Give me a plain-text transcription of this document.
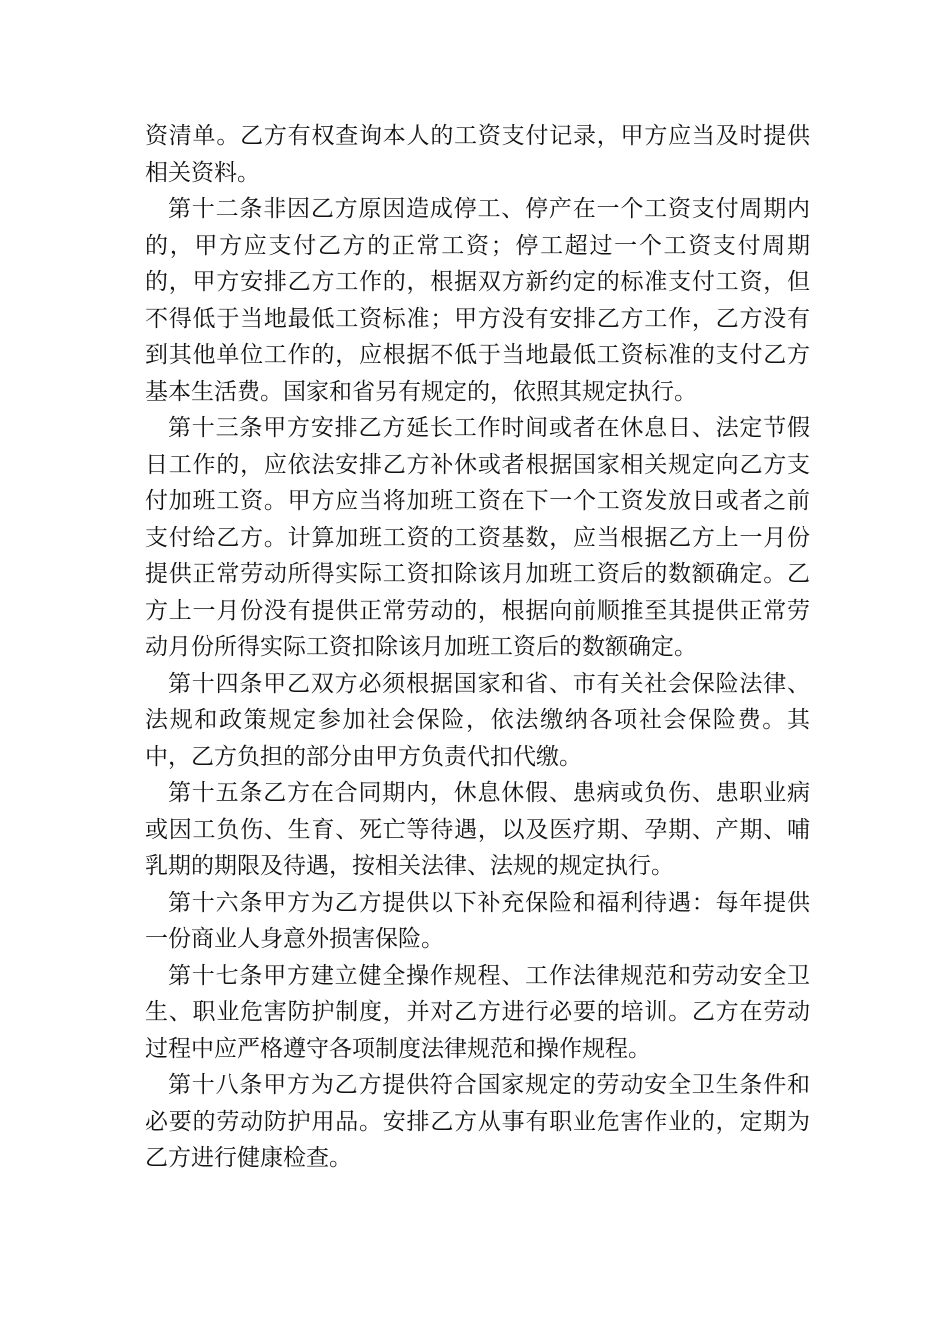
资清单。乙方有权查询本人的工资支付记录，甲方应当及时提供相关资料。

第十二条非因乙方原因造成停工、停产在一个工资支付周期内的，甲方应支付乙方的正常工资；停工超过一个工资支付周期的，甲方安排乙方工作的，根据双方新约定的标准支付工资，但不得低于当地最低工资标准；甲方没有安排乙方工作，乙方没有到其他单位工作的，应根据不低于当地最低工资标准的支付乙方基本生活费。国家和省另有规定的，依照其规定执行。

第十三条甲方安排乙方延长工作时间或者在休息日、法定节假日工作的，应依法安排乙方补休或者根据国家相关规定向乙方支付加班工资。甲方应当将加班工资在下一个工资发放日或者之前支付给乙方。计算加班工资的工资基数，应当根据乙方上一月份提供正常劳动所得实际工资扣除该月加班工资后的数额确定。乙方上一月份没有提供正常劳动的，根据向前顺推至其提供正常劳动月份所得实际工资扣除该月加班工资后的数额确定。

第十四条甲乙双方必须根据国家和省、市有关社会保险法律、法规和政策规定参加社会保险，依法缴纳各项社会保险费。其中，乙方负担的部分由甲方负责代扣代缴。

第十五条乙方在合同期内，休息休假、患病或负伤、患职业病或因工负伤、生育、死亡等待遇，以及医疗期、孕期、产期、哺乳期的期限及待遇，按相关法律、法规的规定执行。

第十六条甲方为乙方提供以下补充保险和福利待遇：每年提供一份商业人身意外损害保险。

第十七条甲方建立健全操作规程、工作法律规范和劳动安全卫生、职业危害防护制度，并对乙方进行必要的培训。乙方在劳动过程中应严格遵守各项制度法律规范和操作规程。

第十八条甲方为乙方提供符合国家规定的劳动安全卫生条件和必要的劳动防护用品。安排乙方从事有职业危害作业的，定期为乙方进行健康检查。
